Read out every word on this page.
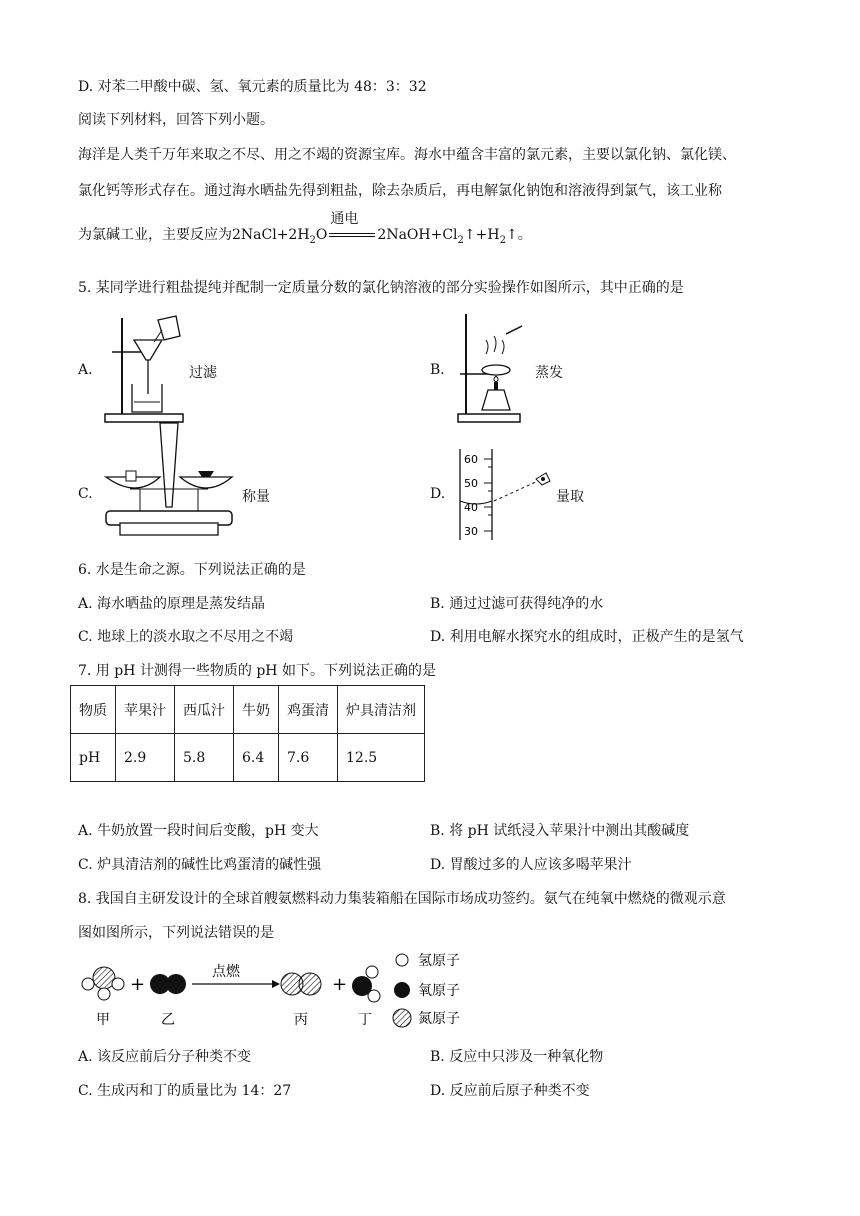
D. 对苯二甲酸中碳、氢、氧元素的质量比为 48：3：32
阅读下列材料，回答下列小题。
海洋是人类千万年来取之不尽、用之不竭的资源宝库。海水中蕴含丰富的氯元素，主要以氯化钠、氯化镁、
氯化钙等形式存在。通过海水晒盐先得到粗盐，除去杂质后，再电解氯化钠饱和溶液得到氯气，该工业称
为氯碱工业，主要反应为$2NaCl+2H_2O$
通电
$2NaOH+Cl_2↑+H_2↑$。
5. 某同学进行粗盐提纯并配制一定质量分数的氯化钠溶液的部分实验操作如图所示，其中正确的是
A.	过滤	B.	蒸发
C.	称量	D.
60
50
40
30
量取
6. 水是生命之源。下列说法正确的是
A. 海水晒盐的原理是蒸发结晶	B. 通过过滤可获得纯净的水
C. 地球上的淡水取之不尽用之不竭	D. 利用电解水探究水的组成时，正极产生的是氢气
7. 用 pH 计测得一些物质的 pH 如下。下列说法正确的是
物质	苹果汁	西瓜汁	牛奶	鸡蛋清	炉具清洁剂
pH	2.9	5.8	6.4	7.6	12.5
A. 牛奶放置一段时间后变酸，pH 变大	B. 将 pH 试纸浸入苹果汁中测出其酸碱度
C. 炉具清洁剂的碱性比鸡蛋清的碱性强	D. 胃酸过多的人应该多喝苹果汁
8. 我国自主研发设计的全球首艘氨燃料动力集装箱船在国际市场成功签约。氨气在纯氧中燃烧的微观示意
图如图所示，下列说法错误的是
+
点燃
+
甲	乙	丙	丁
氢原子
氧原子
氮原子
A. 该反应前后分子种类不变	B. 反应中只涉及一种氧化物
C. 生成丙和丁的质量比为 14：27	D. 反应前后原子种类不变
